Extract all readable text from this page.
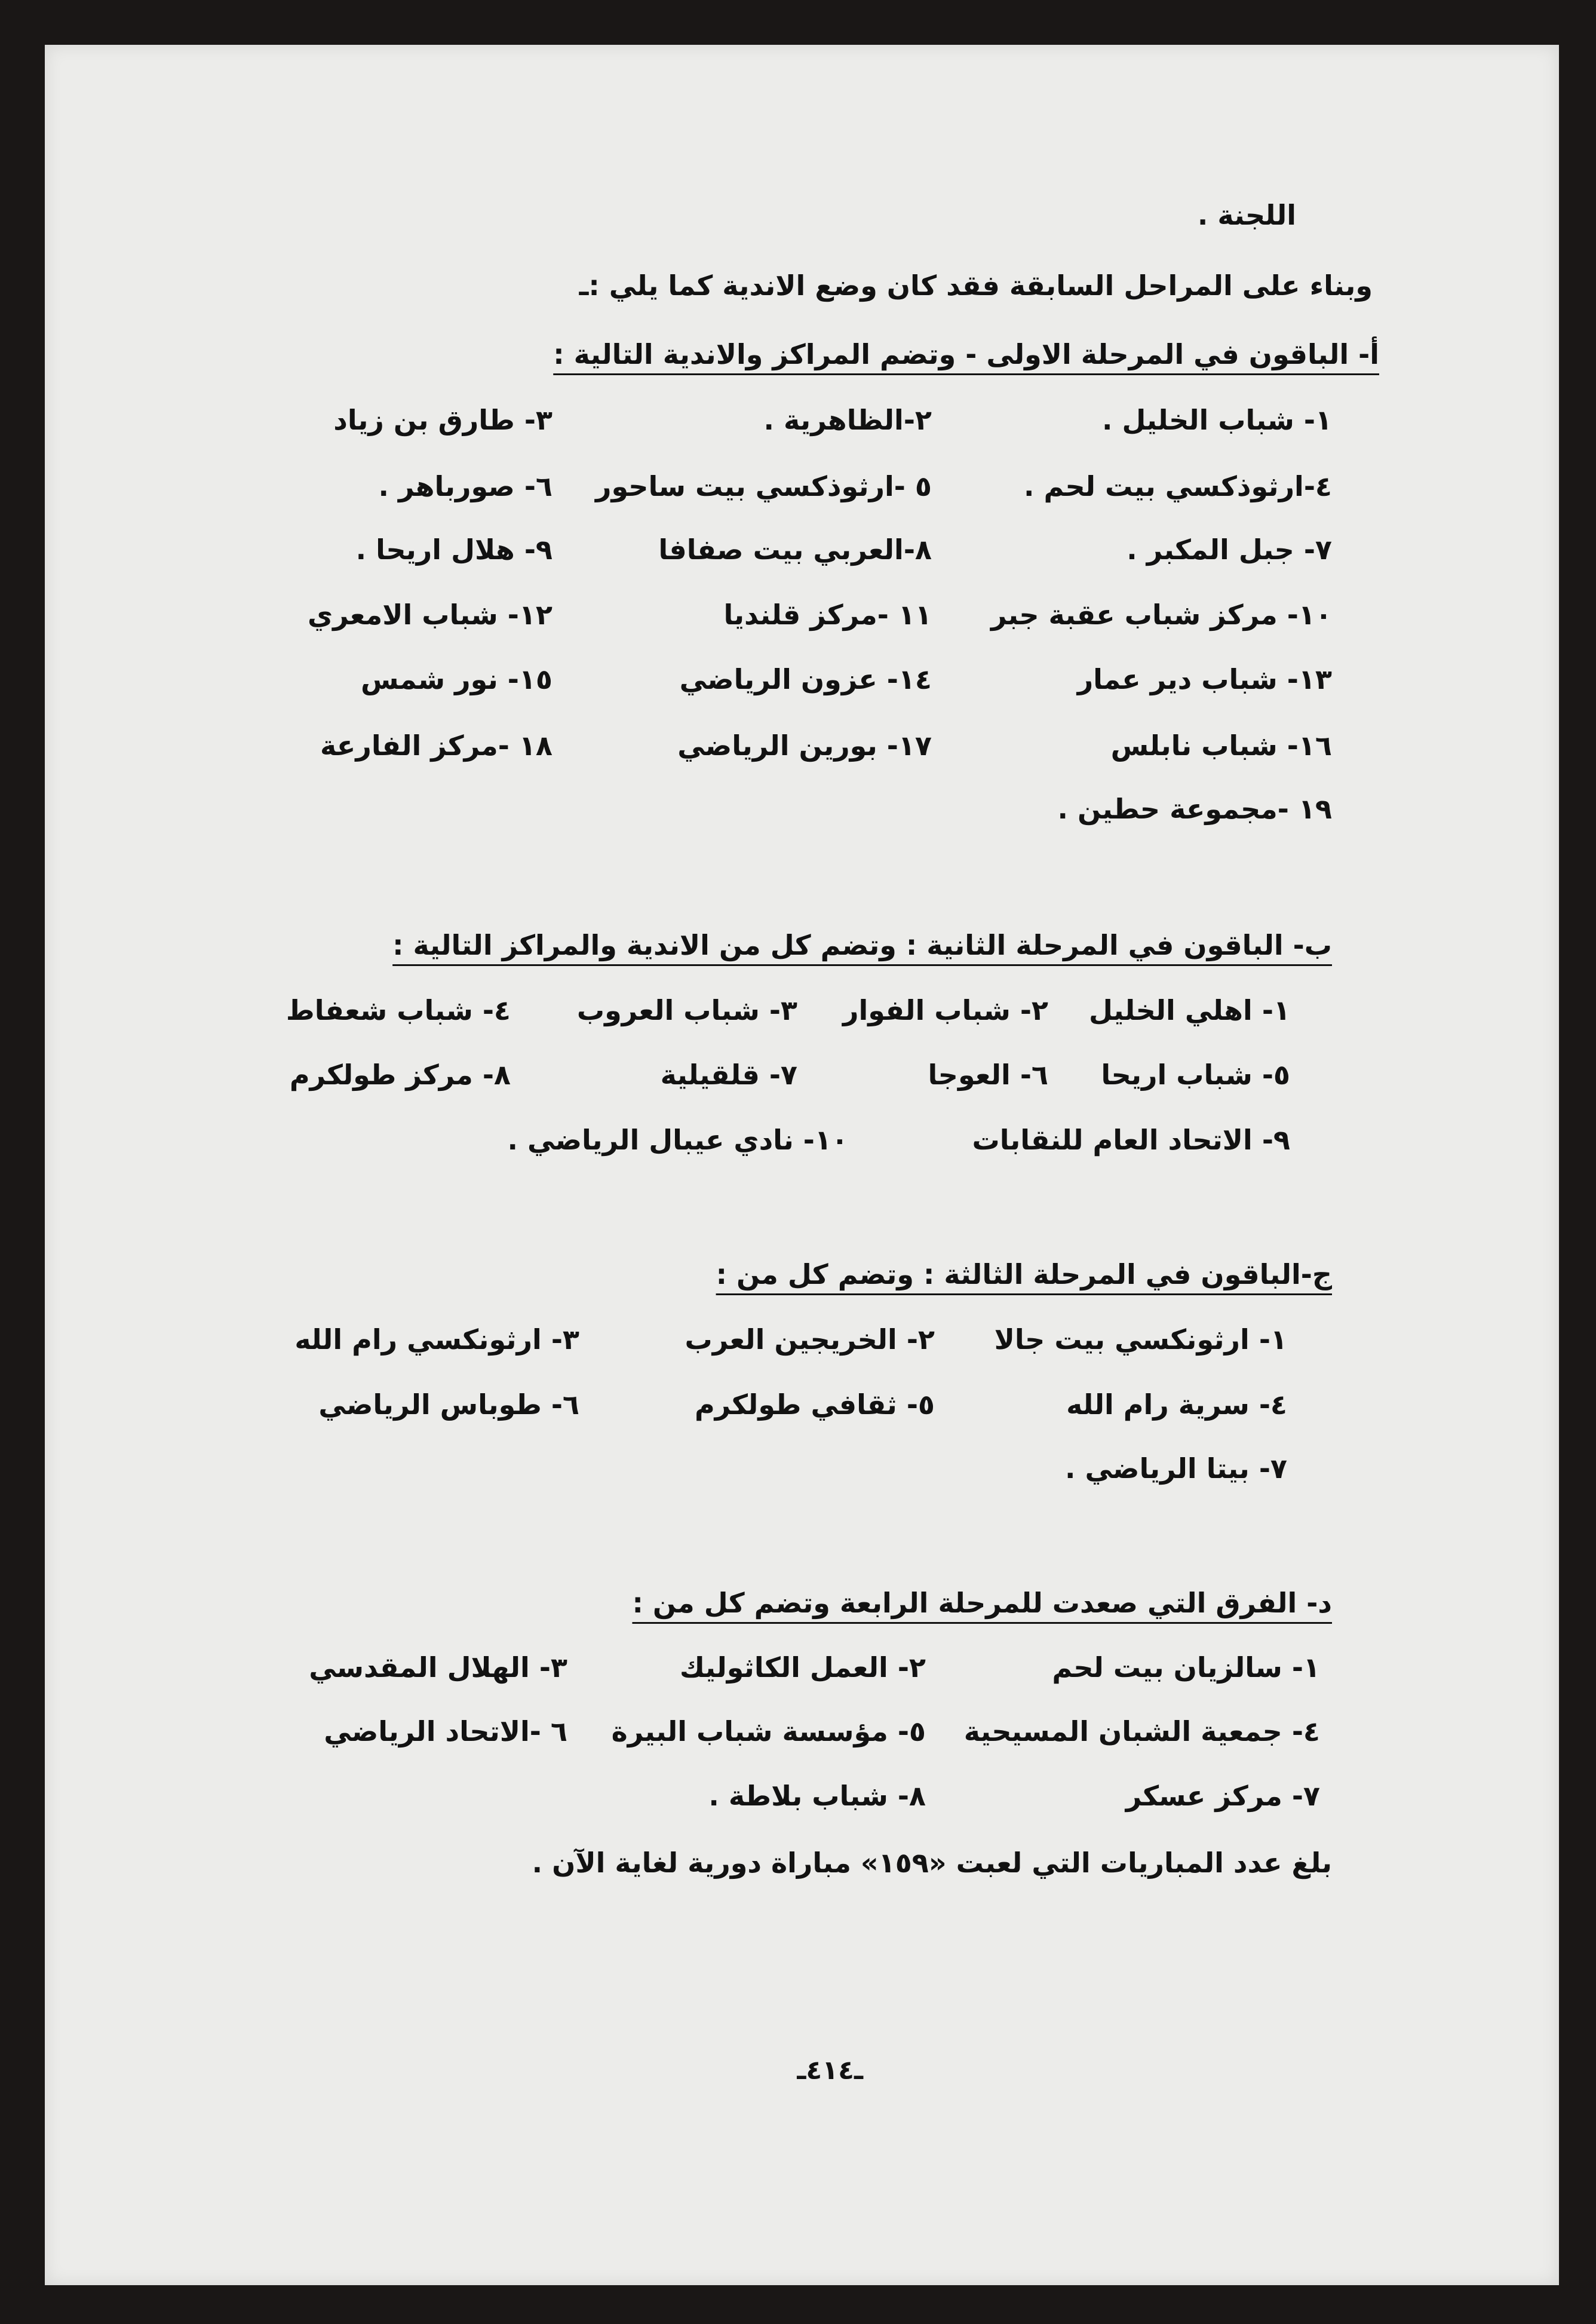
اللجنة .
وبناء على المراحل السابقة فقد كان وضع الاندية كما يلي :ـ
أ- الباقون في المرحلة الاولى - وتضم المراكز والاندية التالية :
١- شباب الخليل .
٢-الظاهرية .
٣- طارق بن زياد
٤-ارثوذكسي بيت لحم .
٥ -ارثوذكسي بيت ساحور
٦- صورباهر .
٧- جبل المكبر .
٨-العربي بيت صفافا
٩- هلال اريحا .
١٠- مركز شباب عقبة جبر
١١ -مركز قلنديا
١٢- شباب الامعري
١٣- شباب دير عمار
١٤- عزون الرياضي
١٥- نور شمس
١٦- شباب نابلس
١٧- بورين الرياضي
١٨ -مركز الفارعة
١٩ -مجموعة حطين .
ب- الباقون في المرحلة الثانية : وتضم كل من الاندية والمراكز التالية :
١- اهلي الخليل
٢- شباب الفوار
٣- شباب العروب
٤- شباب شعفاط
٥- شباب اريحا
٦- العوجا
٧- قلقيلية
٨- مركز طولكرم
٩- الاتحاد العام للنقابات
١٠- نادي عيبال الرياضي .
ج-الباقون في المرحلة الثالثة : وتضم كل من :
١- ارثونكسي بيت جالا
٢- الخريجين العرب
٣- ارثونكسي رام الله
٤- سرية رام الله
٥- ثقافي طولكرم
٦- طوباس الرياضي
٧- بيتا الرياضي .
د- الفرق التي صعدت للمرحلة الرابعة وتضم كل من :
١- سالزيان بيت لحم
٢- العمل الكاثوليك
٣- الهلال المقدسي
٤- جمعية الشبان المسيحية
٥- مؤسسة شباب البيرة
٦ -الاتحاد الرياضي
٧- مركز عسكر
٨- شباب بلاطة .
بلغ عدد المباريات التي لعبت «١٥٩» مباراة دورية لغاية الآن .
ـ٤١٤ـ
